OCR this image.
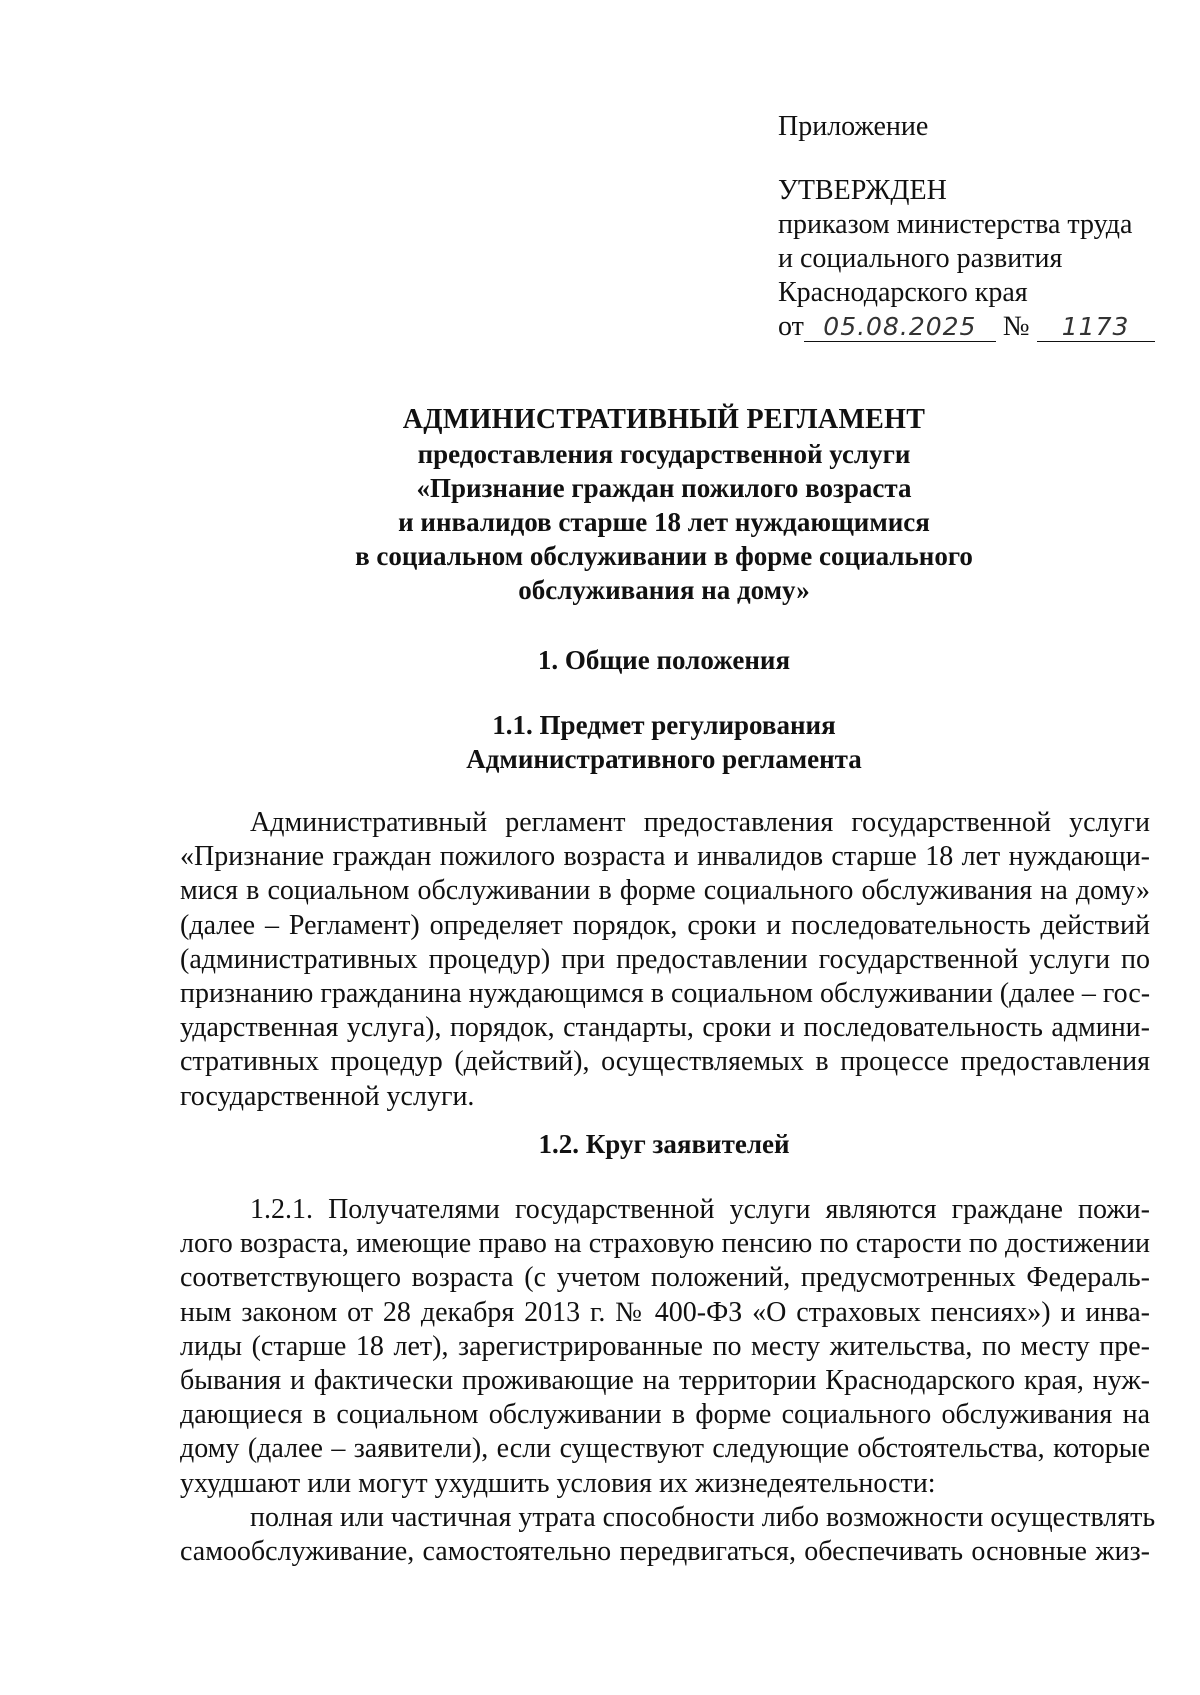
Приложение

УТВЕРЖДЕН

приказом министерства труда

и социального развития

Краснодарского края

от 05.08.2025 № 1173

АДМИНИСТРАТИВНЫЙ РЕГЛАМЕНТ

предоставления государственной услуги

«Признание граждан пожилого возраста

и инвалидов старше 18 лет нуждающимися

в социальном обслуживании в форме социального

обслуживания на дому»

1. Общие положения

1.1. Предмет регулирования

Административного регламента

Административный регламент предоставления государственной услуги
«Признание граждан пожилого возраста и инвалидов старше 18 лет нуждающи-
мися в социальном обслуживании в форме социального обслуживания на дому»
(далее – Регламент) определяет порядок, сроки и последовательность действий
(административных процедур) при предоставлении государственной услуги по
признанию гражданина нуждающимся в социальном обслуживании (далее – гос-
ударственная услуга), порядок, стандарты, сроки и последовательность админи-
стративных процедур (действий), осуществляемых в процессе предоставления
государственной услуги.

1.2. Круг заявителей

1.2.1. Получателями государственной услуги являются граждане пожи-
лого возраста, имеющие право на страховую пенсию по старости по достижении
соответствующего возраста (с учетом положений, предусмотренных Федераль-
ным законом от 28 декабря 2013 г. № 400-ФЗ «О страховых пенсиях») и инва-
лиды (старше 18 лет), зарегистрированные по месту жительства, по месту пре-
бывания и фактически проживающие на территории Краснодарского края, нуж-
дающиеся в социальном обслуживании в форме социального обслуживания на
дому (далее – заявители), если существуют следующие обстоятельства, которые
ухудшают или могут ухудшить условия их жизнедеятельности:
полная или частичная утрата способности либо возможности осуществлять
самообслуживание, самостоятельно передвигаться, обеспечивать основные жиз-
